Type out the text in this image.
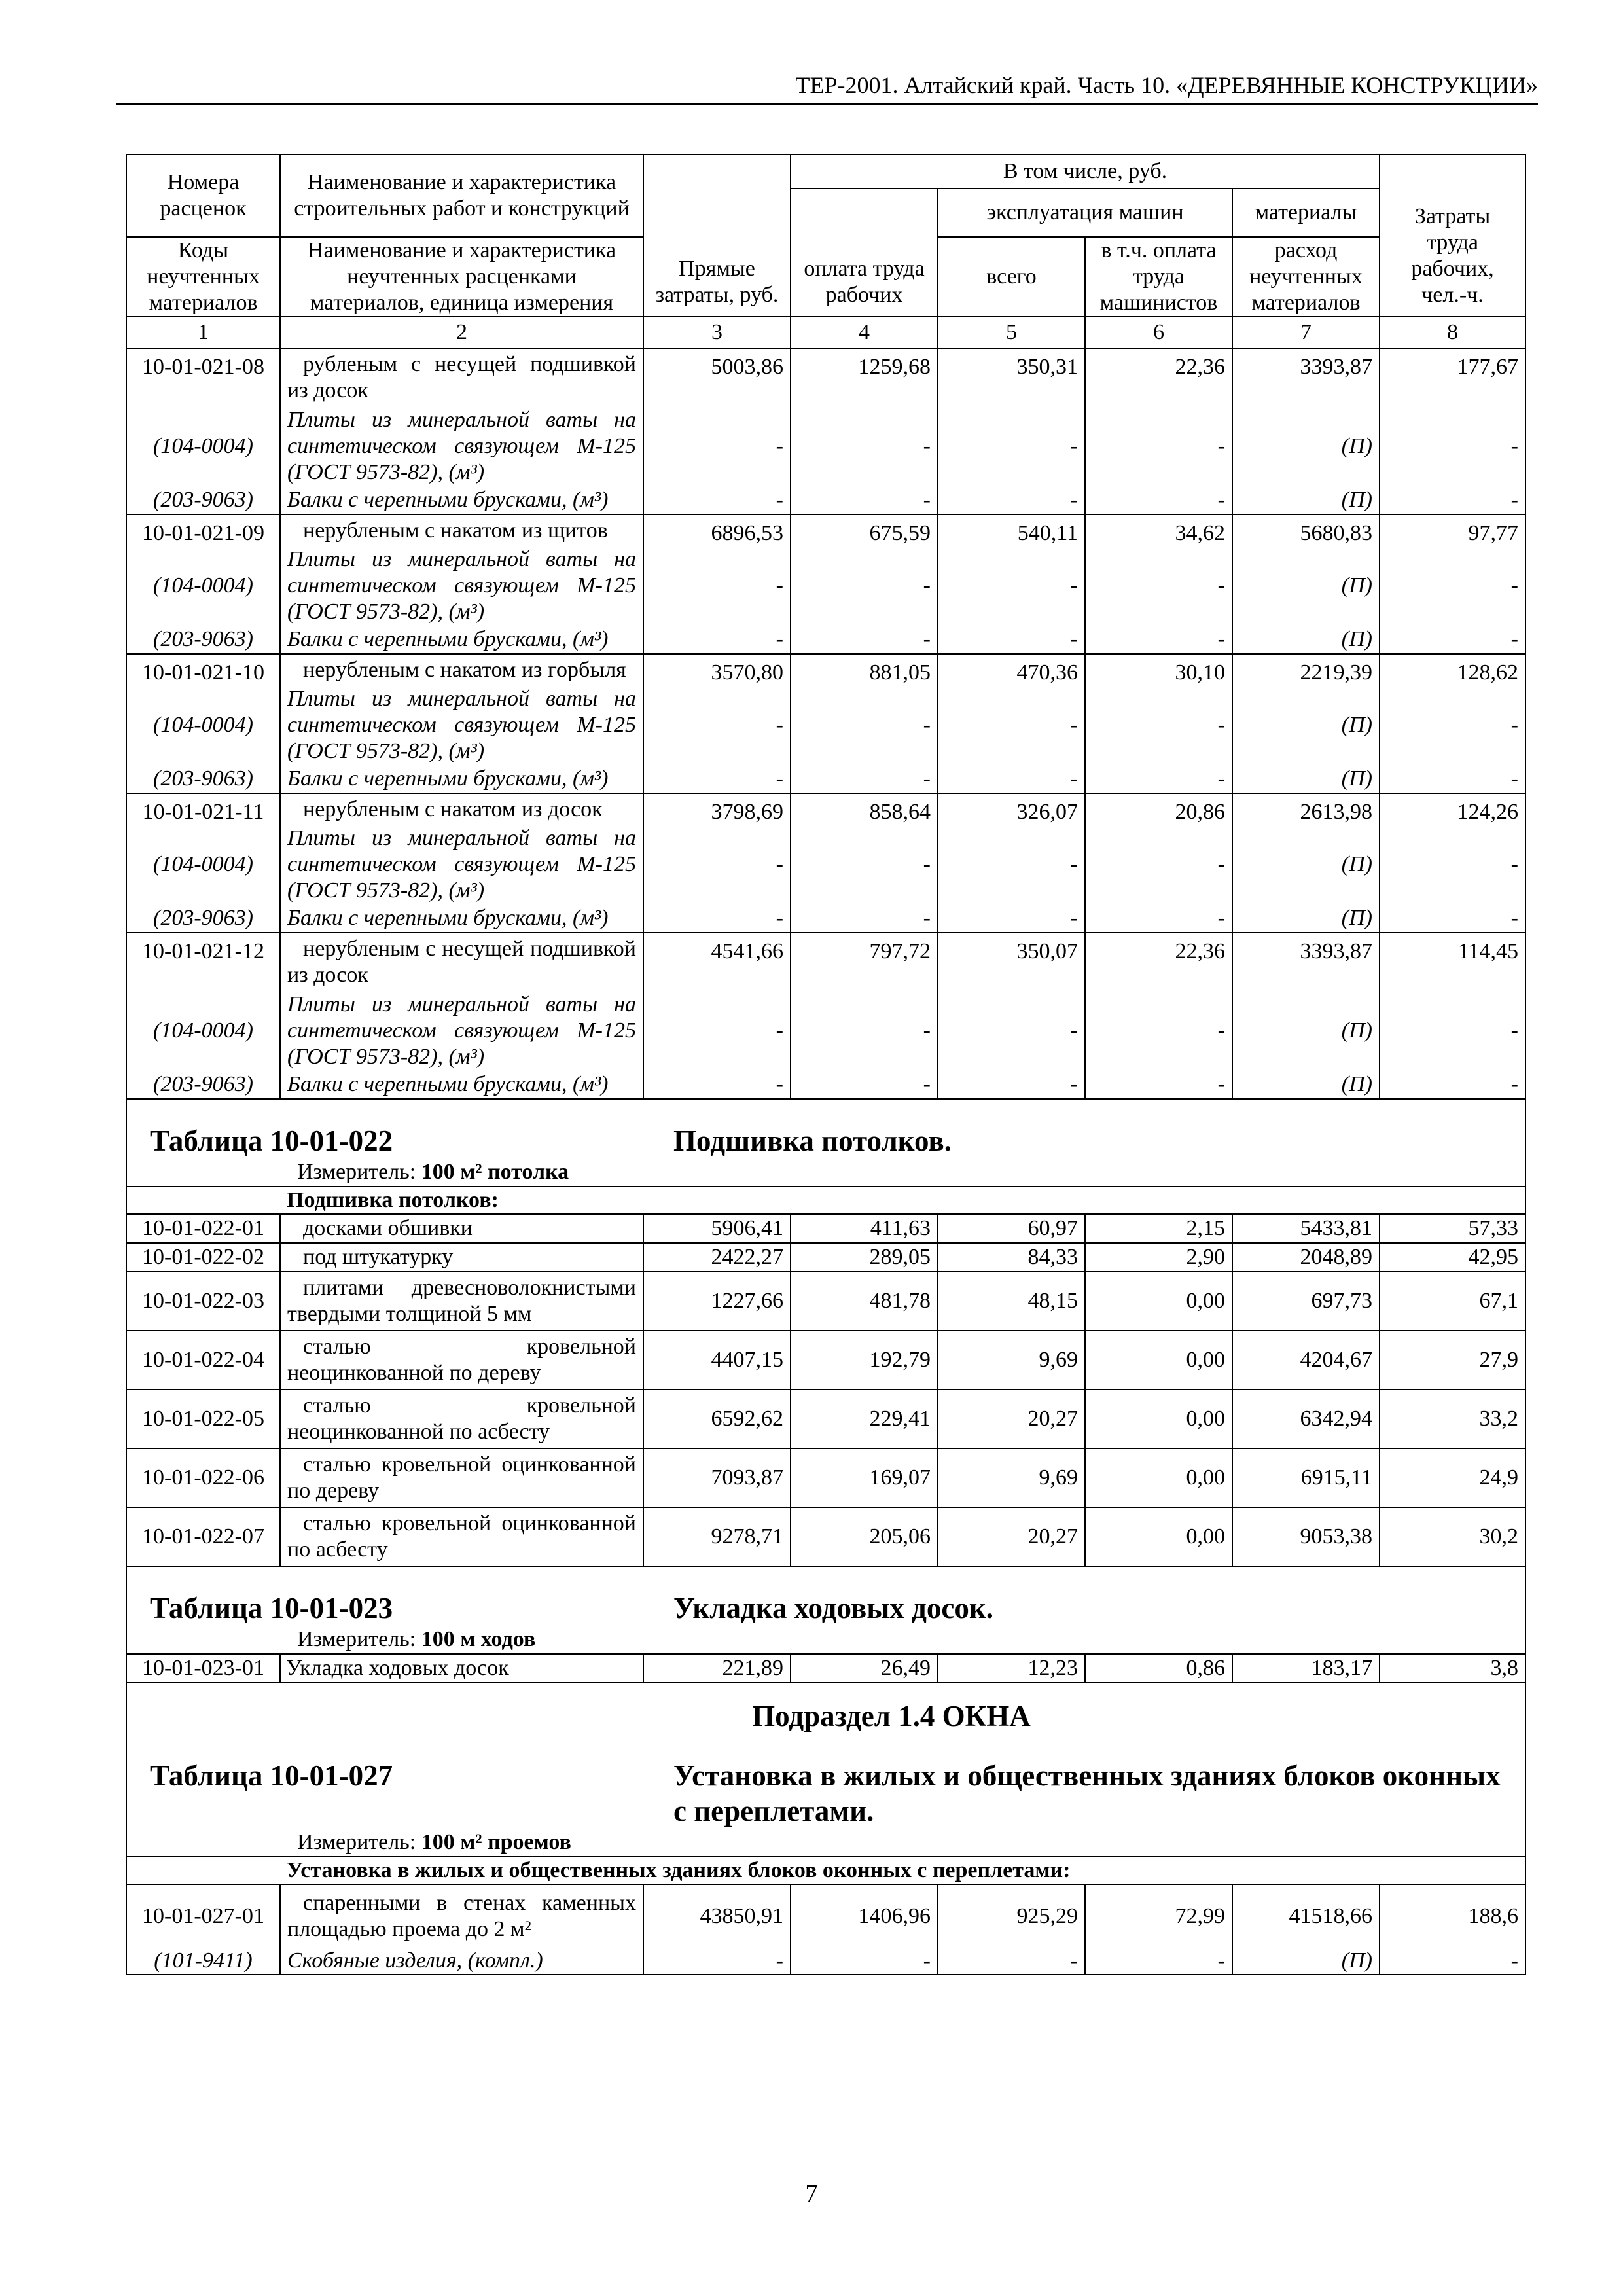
ТЕР-2001. Алтайский край. Часть 10. «ДЕРЕВЯННЫЕ КОНСТРУКЦИИ»
Номера расценок	Наименование и характеристика строительных работ и конструкций	Прямые затраты, руб.	В том числе, руб.				Затраты труда рабочих, чел.-ч.
			оплата труда рабочих	эксплуатация машин		материалы	
Коды неучтенных материалов	Наименование и характеристика неучтенных расценками материалов, единица измерения			всего	в т.ч. оплата труда машинистов	расход неучтенных материалов	
1	2	3	4	5	6	7	8
10-01-021-08	рубленым с несущей подшивкой из досок	5003,86	1259,68	350,31	22,36	3393,87	177,67
(104-0004)	Плиты из минеральной ваты на синтетическом связующем М-125 (ГОСТ 9573-82), (м³)	-	-	-	-	(П)	-
(203-9063)	Балки с черепными брусками, (м³)	-	-	-	-	(П)	-
10-01-021-09	нерубленым с накатом из щитов	6896,53	675,59	540,11	34,62	5680,83	97,77
(104-0004)	Плиты из минеральной ваты на синтетическом связующем М-125 (ГОСТ 9573-82), (м³)	-	-	-	-	(П)	-
(203-9063)	Балки с черепными брусками, (м³)	-	-	-	-	(П)	-
10-01-021-10	нерубленым с накатом из горбыля	3570,80	881,05	470,36	30,10	2219,39	128,62
(104-0004)	Плиты из минеральной ваты на синтетическом связующем М-125 (ГОСТ 9573-82), (м³)	-	-	-	-	(П)	-
(203-9063)	Балки с черепными брусками, (м³)	-	-	-	-	(П)	-
10-01-021-11	нерубленым с накатом из досок	3798,69	858,64	326,07	20,86	2613,98	124,26
(104-0004)	Плиты из минеральной ваты на синтетическом связующем М-125 (ГОСТ 9573-82), (м³)	-	-	-	-	(П)	-
(203-9063)	Балки с черепными брусками, (м³)	-	-	-	-	(П)	-
10-01-021-12	нерубленым с несущей подшивкой из досок	4541,66	797,72	350,07	22,36	3393,87	114,45
(104-0004)	Плиты из минеральной ваты на синтетическом связующем М-125 (ГОСТ 9573-82), (м³)	-	-	-	-	(П)	-
(203-9063)	Балки с черепными брусками, (м³)	-	-	-	-	(П)	-

Таблица 10-01-022 Подшивка потолков.
Измеритель: 100 м² потолка							

	Подшивка потолков:						
10-01-022-01	досками обшивки	5906,41	411,63	60,97	2,15	5433,81	57,33
10-01-022-02	под штукатурку	2422,27	289,05	84,33	2,90	2048,89	42,95
10-01-022-03	плитами древесноволокнистыми твердыми толщиной 5 мм	1227,66	481,78	48,15	0,00	697,73	67,1
10-01-022-04	сталью кровельной неоцинкованной по дереву	4407,15	192,79	9,69	0,00	4204,67	27,9
10-01-022-05	сталью кровельной неоцинкованной по асбесту	6592,62	229,41	20,27	0,00	6342,94	33,2
10-01-022-06	сталью кровельной оцинкованной по дереву	7093,87	169,07	9,69	0,00	6915,11	24,9
10-01-022-07	сталью кровельной оцинкованной по асбесту	9278,71	205,06	20,27	0,00	9053,38	30,2

Таблица 10-01-023 Укладка ходовых досок.
Измеритель: 100 м ходов							

10-01-023-01	Укладка ходовых досок	221,89	26,49	12,23	0,86	183,17	3,8

Подраздел 1.4 ОКНА
Таблица 10-01-027 Установка в жилых и общественных зданиях блоков оконных с переплетами.
Измеритель: 100 м² проемов							

	Установка в жилых и общественных зданиях блоков оконных с переплетами:						
10-01-027-01	спаренными в стенах каменных площадью проема до 2 м²	43850,91	1406,96	925,29	72,99	41518,66	188,6
(101-9411)	Скобяные изделия, (компл.)	-	-	-	-	(П)	-
7
